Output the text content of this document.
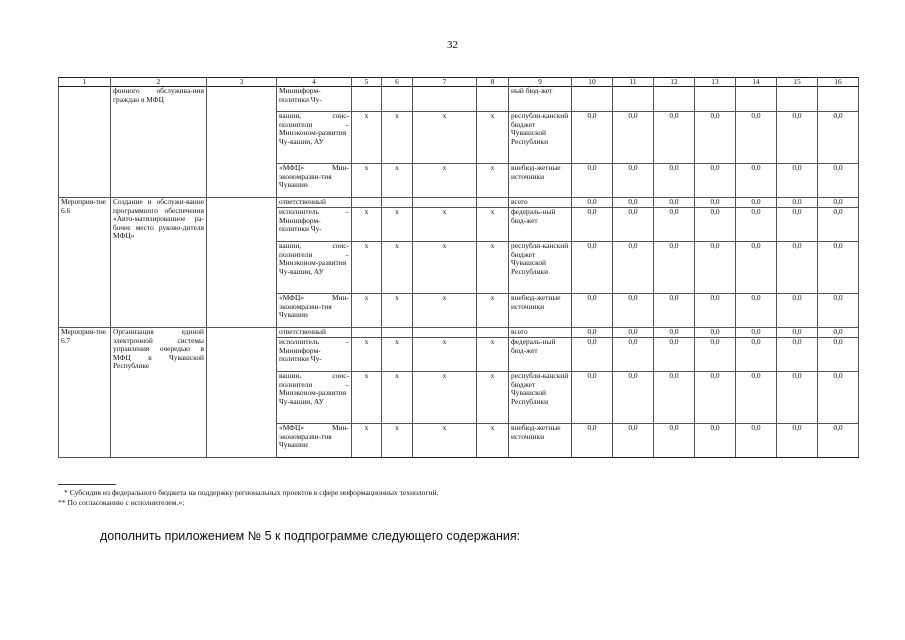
32
1	2	3	4	5	6	7	8	9	10	11	12	13	14	15	16
	фонного обслужива-ния граждан в МФЦ		Мининформ-политики Чу-					ный бюд-жет							
			вашии, соис-полнители – Минэконом-развития Чу-вашии, АУ	x	x	x	x	республи-канский бюджет Чувашской Республики	0,0	0,0	0,0	0,0	0,0	0,0	0,0
			«МФЦ» Мин-экономразви-тия Чувашии	x	x	x	x	внебюд-жетные источники	0,0	0,0	0,0	0,0	0,0	0,0	0,0
Мероприя-тие 6.6	Создание и обслужи-вание программного обеспечения «Авто-матизированное ра-бочее место руково-дителя МФЦ»		ответственный					всего	0,0	0,0	0,0	0,0	0,0	0,0	0,0
			исполнитель – Мининформ-политики Чу-	x	x	x	x	федераль-ный бюд-жет	0,0	0,0	0,0	0,0	0,0	0,0	0,0
			вашии, соис-полнители – Минэконом-развития Чу-вашии, АУ	x	x	x	x	республи-канский бюджет Чувашской Республики	0,0	0,0	0,0	0,0	0,0	0,0	0,0
			«МФЦ» Мин-экономразви-тия Чувашии	x	x	x	x	внебюд-жетные источники	0,0	0,0	0,0	0,0	0,0	0,0	0,0
Мероприя-тие 6.7	Организация единой электронной системы управления очередью в МФЦ в Чувашской Республике		ответственный					всего	0,0	0,0	0,0	0,0	0,0	0,0	0,0
			исполнитель – Мининформ-политики Чу-	x	x	x	x	федераль-ный бюд-жет	0,0	0,0	0,0	0,0	0,0	0,0	0,0
			вашии, соис-полнители – Минэконом-развития Чу-вашии, АУ	x	x	x	x	республи-канский бюджет Чувашской Республики	0,0	0,0	0,0	0,0	0,0	0,0	0,0
			«МФЦ» Мин-экономразви-тия Чувашии	x	x	x	x	внебюд-жетные источники	0,0	0,0	0,0	0,0	0,0	0,0	0,0
* Субсидия из федерального бюджета на поддержку региональных проектов в сфере информационных технологий.
** По согласованию с исполнителем.»;
дополнить приложением № 5 к подпрограмме следующего содержания:
